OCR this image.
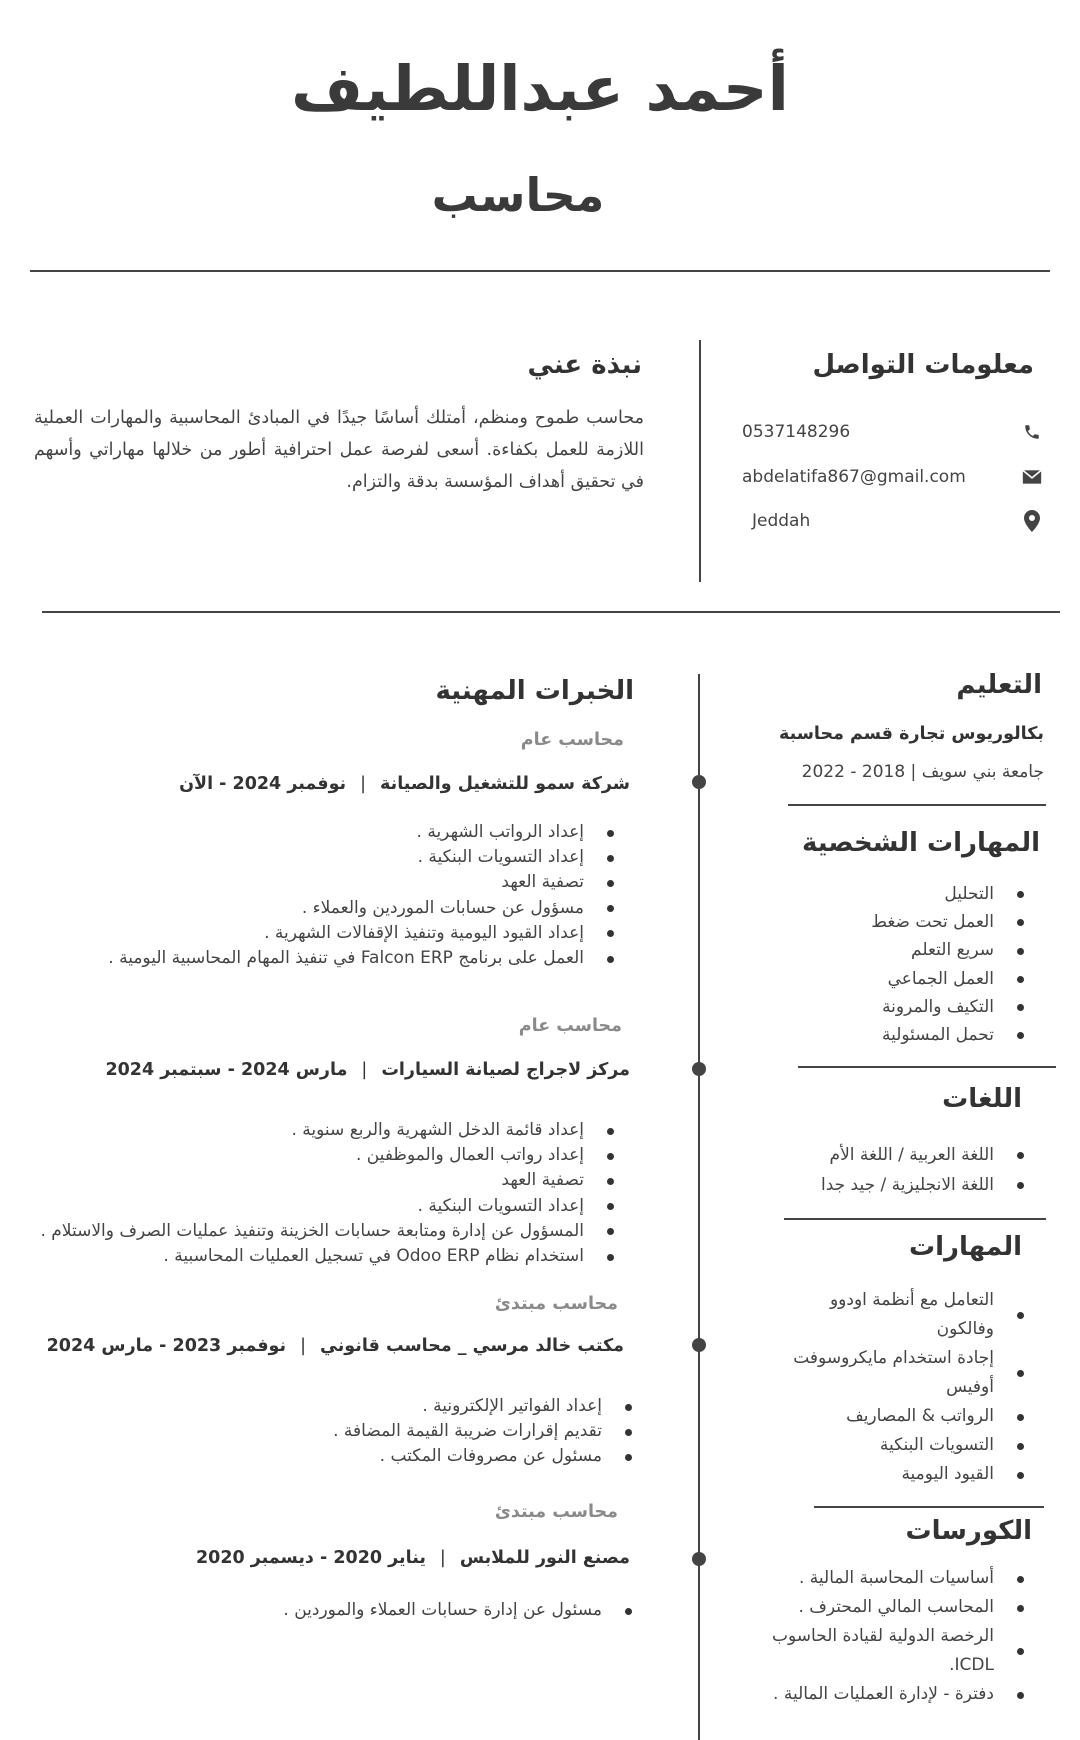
أحمد عبداللطيف
محاسب
معلومات التواصل
0537148296
abdelatifa867@gmail.com
Jeddah
نبذة عني
محاسب طموح ومنظم، أمتلك أساسًا جيدًا في المبادئ المحاسبية والمهارات العملية اللازمة للعمل بكفاءة. أسعى لفرصة عمل احترافية أطور من خلالها مهاراتي وأسهم في تحقيق أهداف المؤسسة بدقة والتزام.
التعليم
بكالوريوس تجارة قسم محاسبة
جامعة بني سويف | 2018 - 2022
المهارات الشخصية
التحليل
العمل تحت ضغط
سريع التعلم
العمل الجماعي
التكيف والمرونة
تحمل المسئولية
اللغات
اللغة العربية / اللغة الأم
اللغة الانجليزية / جيد جدا
المهارات
التعامل مع أنظمة اودوو وفالكون
إجادة استخدام مايكروسوفت أوفيس
الرواتب & المصاريف
التسويات البنكية
القيود اليومية
الكورسات
أساسيات المحاسبة المالية .
المحاسب المالي المحترف .
الرخصة الدولية لقيادة الحاسوب ICDL.
دفترة - لإدارة العمليات المالية .
الخبرات المهنية
محاسب عام
شركة سمو للتشغيل والصيانة|نوفمبر 2024 - الآن
إعداد الرواتب الشهرية .
إعداد التسويات البنكية .
تصفية العهد
مسؤول عن حسابات الموردين والعملاء .
إعداد القيود اليومية وتنفيذ الإقفالات الشهرية .
العمل على برنامج Falcon ERP في تنفيذ المهام المحاسبية اليومية .
محاسب عام
مركز لاجراج لصيانة السيارات|مارس 2024 - سبتمبر 2024
إعداد قائمة الدخل الشهرية والربع سنوية .
إعداد رواتب العمال والموظفين .
تصفية العهد
إعداد التسويات البنكية .
المسؤول عن إدارة ومتابعة حسابات الخزينة وتنفيذ عمليات الصرف والاستلام .
استخدام نظام Odoo ERP في تسجيل العمليات المحاسبية .
محاسب مبتدئ
مكتب خالد مرسي _ محاسب قانوني|نوفمبر 2023 - مارس 2024
إعداد الفواتير الإلكترونية .
تقديم إقرارات ضريبة القيمة المضافة .
مسئول عن مصروفات المكتب .
محاسب مبتدئ
مصنع النور للملابس|يناير 2020 - ديسمبر 2020
مسئول عن إدارة حسابات العملاء والموردين .
